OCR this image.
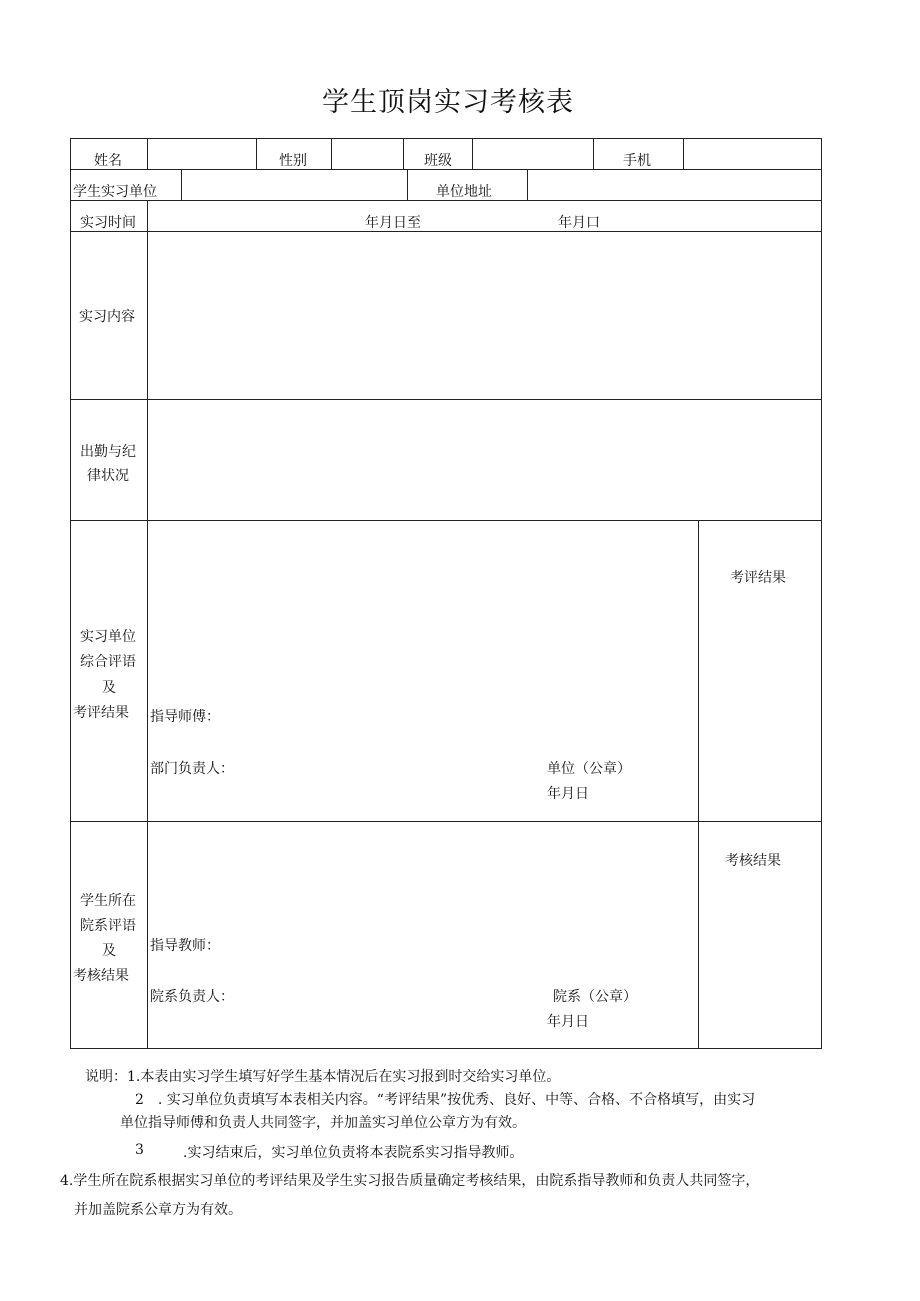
学生顶岗实习考核表
姓名	性别	班级	手机
学生实习单位	单位地址
实习时间	年月日至	年月口
实习内容
出勤与纪
律状况
实习单位
综合评语
及
考评结果
考评结果
指导师傅：
部门负责人：	单位（公章）
年月日
学生所在
院系评语
及
考核结果
考核结果
指导教师：
院系负责人：	院系（公章）
年月日
说明：1.本表由实习学生填写好学生基本情况后在实习报到时交给实习单位。
2　. 实习单位负责填写本表相关内容。“考评结果”按优秀、良好、中等、合格、不合格填写，由实习
单位指导师傅和负责人共同签字，并加盖实习单位公章方为有效。
3	.实习结束后，实习单位负责将本表院系实习指导教师。
4.学生所在院系根据实习单位的考评结果及学生实习报告质量确定考核结果，由院系指导教师和负责人共同签字，
并加盖院系公章方为有效。
